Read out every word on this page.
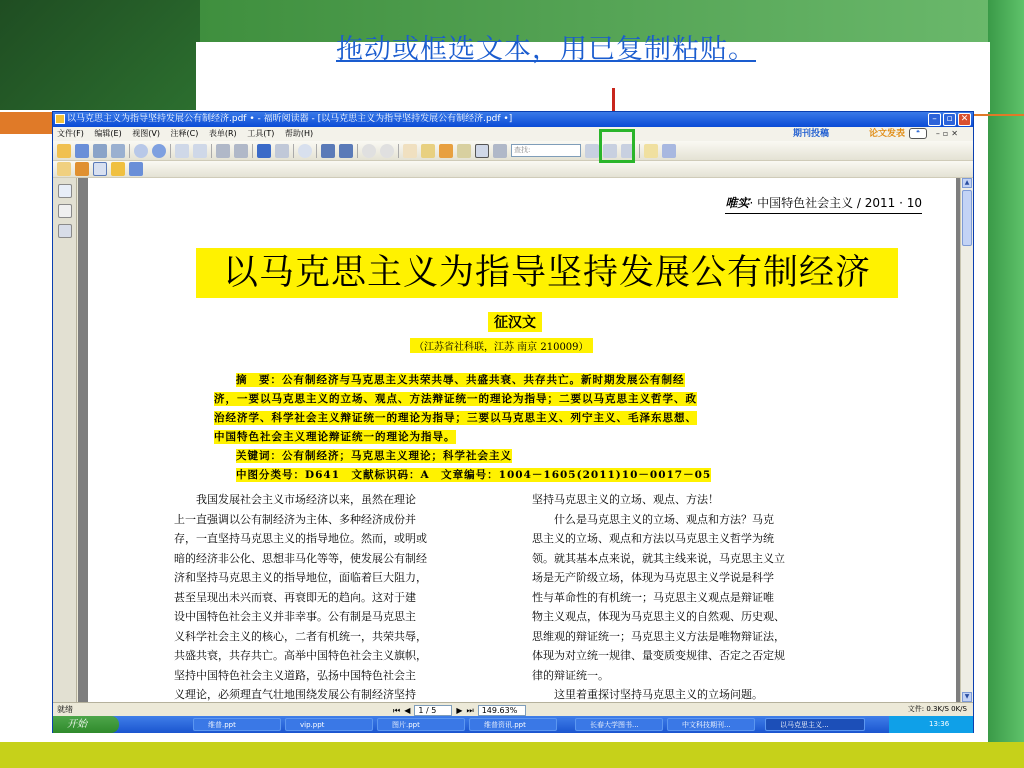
拖动或框选文本，用已复制粘贴。
以马克思主义为指导坚持发展公有制经济.pdf • - 福昕阅读器 - [以马克思主义为指导坚持发展公有制经济.pdf •]	–	▫ ✕
文件(F) 编辑(E) 视图(V) 注释(C) 表单(R) 工具(T) 帮助(H)	期刊投稿	论文发表	❝	–▫✕
查找:
唯实· 中国特色社会主义 / 2011 · 10
以马克思主义为指导坚持发展公有制经济
征汉文
（江苏省社科联，江苏 南京 210009）
摘　要：公有制经济与马克思主义共荣共辱、共盛共衰、共存共亡。新时期发展公有制经
济，一要以马克思主义的立场、观点、方法辩证统一的理论为指导；二要以马克思主义哲学、政
治经济学、科学社会主义辩证统一的理论为指导；三要以马克思主义、列宁主义、毛泽东思想、
中国特色社会主义理论辩证统一的理论为指导。
关键词：公有制经济；马克思主义理论；科学社会主义
中图分类号：D641　文献标识码：A　文章编号：1004－1605(2011)10－0017－05

　　我国发展社会主义市场经济以来，虽然在理论

上一直强调以公有制经济为主体、多种经济成份并

存，一直坚持马克思主义的指导地位。然而，或明或

暗的经济非公化、思想非马化等等，使发展公有制经

济和坚持马克思主义的指导地位，面临着巨大阻力，

甚至呈现出未兴而衰、再衰即无的趋向。这对于建

设中国特色社会主义并非幸事。公有制是马克思主

义科学社会主义的核心，二者有机统一，共荣共辱，

共盛共衰，共存共亡。高举中国特色社会主义旗帜，

坚持中国特色社会主义道路，弘扬中国特色社会主

义理论，必须理直气壮地围绕发展公有制经济坚持

坚持马克思主义的立场、观点、方法！

　　什么是马克思主义的立场、观点和方法？马克

思主义的立场、观点和方法以马克思主义哲学为统

领。就其基本点来说，就其主线来说，马克思主义立

场是无产阶级立场，体现为马克思主义学说是科学

性与革命性的有机统一；马克思主义观点是辩证唯

物主义观点，体现为马克思主义的自然观、历史观、

思维观的辩证统一；马克思主义方法是唯物辩证法，

体现为对立统一规律、量变质变规律、否定之否定规

律的辩证统一。

　　这里着重探讨坚持马克思主义的立场问题。

▲
▼
就绪	⏮ ◀	1 / 5	▶ ⏭	149.63%	文件: 0.3K/S 0K/S
开始	维普.ppt	vip.ppt	图片.ppt	维普资讯.ppt	长春大学图书...	中文科技期刊...	以马克思主义...	13:36
